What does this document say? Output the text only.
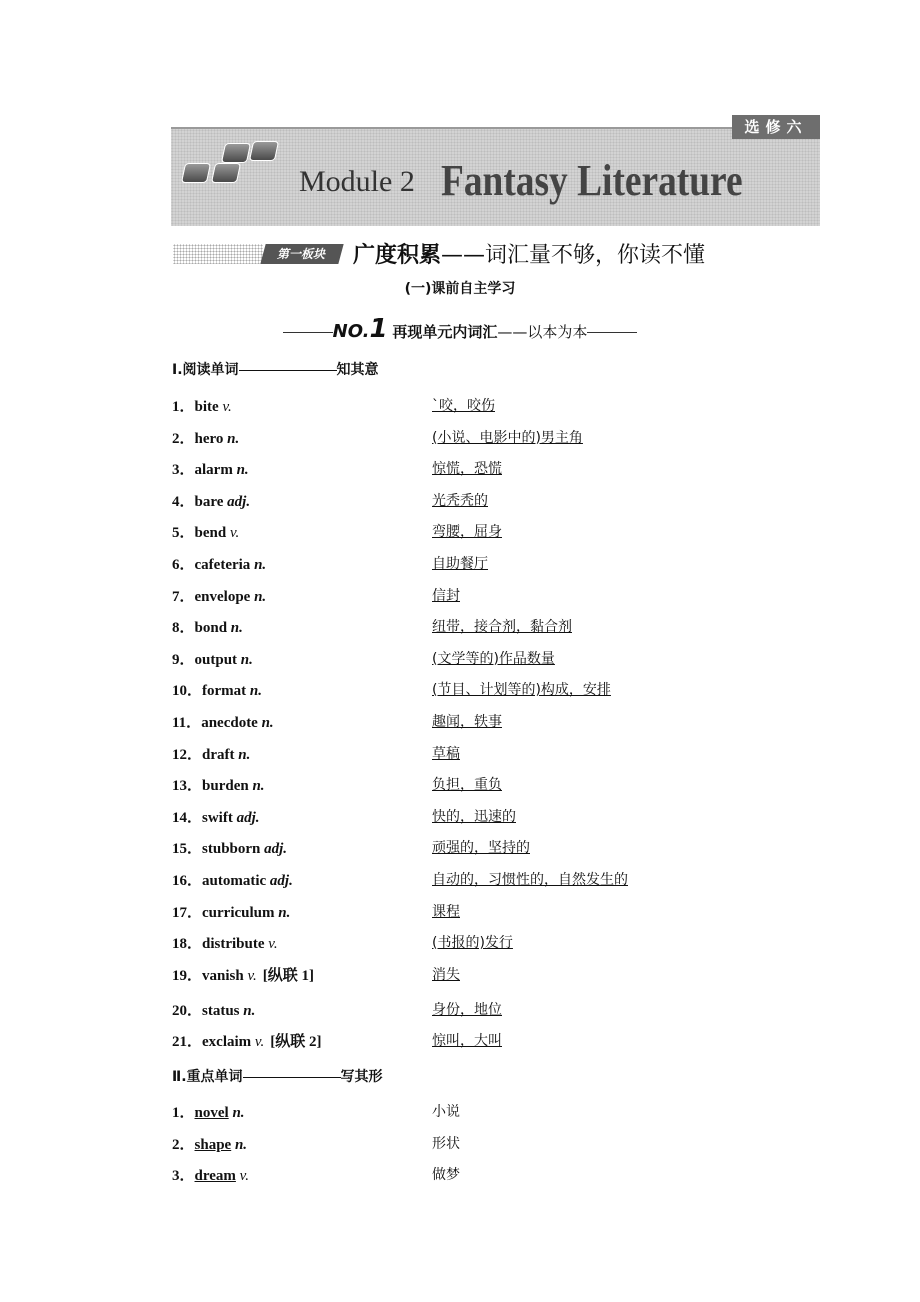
选修六
Module 2 Fantasy Literature
第一板块	广度积累——词汇量不够，你读不懂
(一)课前自主学习
NO.1 再现单元内词汇——以本为本
Ⅰ.阅读单词	知其意
1．bite v.	`咬，咬伤
2．hero n.	(小说、电影中的)男主角
3．alarm n.	惊慌，恐慌
4．bare adj.	光秃秃的
5．bend v.	弯腰，屈身
6．cafeteria n.	自助餐厅
7．envelope n.	信封
8．bond n.	纽带，接合剂，黏合剂
9．output n.	(文学等的)作品数量
10．format n.	(节目、计划等的)构成，安排
11．anecdote n.	趣闻，轶事
12．draft n.	草稿
13．burden n.	负担，重负
14．swift adj.	快的，迅速的
15．stubborn adj.	顽强的，坚持的
16．automatic adj.	自动的，习惯性的，自然发生的
17．curriculum n.	课程
18．distribute v.	(书报的)发行
19．vanish v. [纵联 1]	消失
20．status n.	身份，地位
21．exclaim v. [纵联 2]	惊叫，大叫
Ⅱ.重点单词	写其形
1．novel n.	小说
2．shape n.	形状
3．dream v.	做梦
